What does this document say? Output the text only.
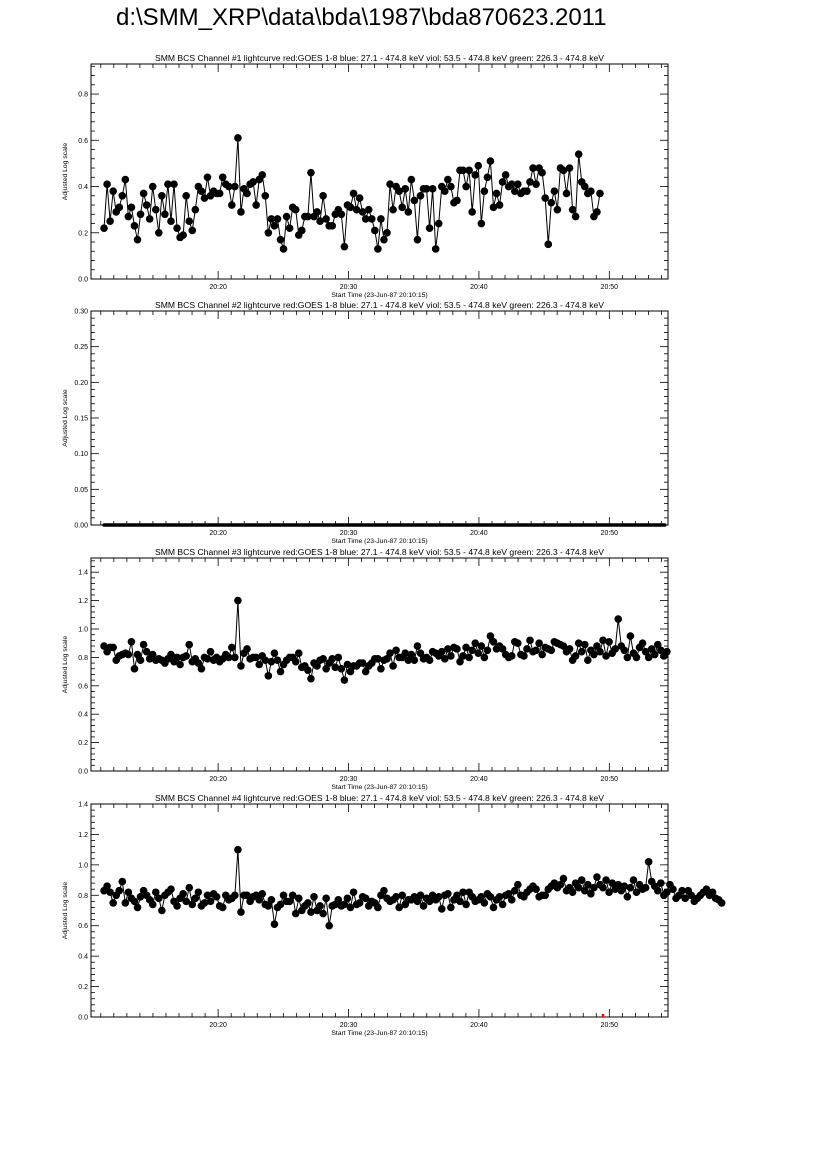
d:\SMM_XRP\data\bda\1987\bda870623.2011
SMM BCS Channel #1 lightcurve red:GOES 1-8 blue: 27.1 - 474.8 keV viol: 53.5 - 474.8 keV green: 226.3 - 474.8 keV
Start Time (23-Jun-87 20:10:15)
Adjusted Log scale
20:20	20:30	20:40	20:50
0.0
0.2
0.4
0.6
0.8
SMM BCS Channel #2 lightcurve red:GOES 1-8 blue: 27.1 - 474.8 keV viol: 53.5 - 474.8 keV green: 226.3 - 474.8 keV
Start Time (23-Jun-87 20:10:15)
Adjusted Log scale
20:20	20:30	20:40	20:50
0.00
0.05
0.10
0.15
0.20
0.25
0.30
SMM BCS Channel #3 lightcurve red:GOES 1-8 blue: 27.1 - 474.8 keV viol: 53.5 - 474.8 keV green: 226.3 - 474.8 keV
Start Time (23-Jun-87 20:10:15)
Adjusted Log scale
20:20	20:30	20:40	20:50
0.0
0.2
0.4
0.6
0.8
1.0
1.2
1.4
SMM BCS Channel #4 lightcurve red:GOES 1-8 blue: 27.1 - 474.8 keV viol: 53.5 - 474.8 keV green: 226.3 - 474.8 keV
Start Time (23-Jun-87 20:10:15)
Adjusted Log scale
20:20	20:30	20:40	20:50
0.0
0.2
0.4
0.6
0.8
1.0
1.2
1.4
